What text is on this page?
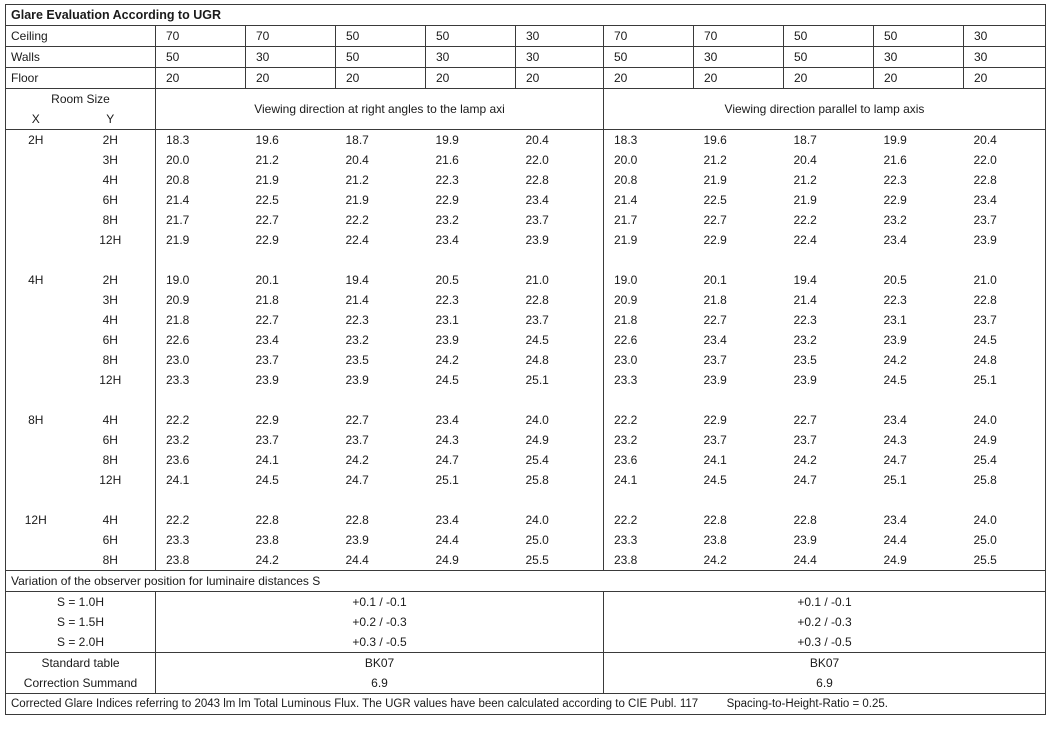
Glare Evaluation According to UGR											
Ceiling		70	70	50	50	30	70	70	50	50	30
Walls		50	30	50	30	30	50	30	50	30	30
Floor		20	20	20	20	20	20	20	20	20	20
Room Size		Viewing direction at right angles to the lamp axi					Viewing direction parallel to lamp axis				
X	Y										
2H	2H	18.3	19.6	18.7	19.9	20.4	18.3	19.6	18.7	19.9	20.4
	3H	20.0	21.2	20.4	21.6	22.0	20.0	21.2	20.4	21.6	22.0
	4H	20.8	21.9	21.2	22.3	22.8	20.8	21.9	21.2	22.3	22.8
	6H	21.4	22.5	21.9	22.9	23.4	21.4	22.5	21.9	22.9	23.4
	8H	21.7	22.7	22.2	23.2	23.7	21.7	22.7	22.2	23.2	23.7
	12H	21.9	22.9	22.4	23.4	23.9	21.9	22.9	22.4	23.4	23.9

4H	2H	19.0	20.1	19.4	20.5	21.0	19.0	20.1	19.4	20.5	21.0
	3H	20.9	21.8	21.4	22.3	22.8	20.9	21.8	21.4	22.3	22.8
	4H	21.8	22.7	22.3	23.1	23.7	21.8	22.7	22.3	23.1	23.7
	6H	22.6	23.4	23.2	23.9	24.5	22.6	23.4	23.2	23.9	24.5
	8H	23.0	23.7	23.5	24.2	24.8	23.0	23.7	23.5	24.2	24.8
	12H	23.3	23.9	23.9	24.5	25.1	23.3	23.9	23.9	24.5	25.1

8H	4H	22.2	22.9	22.7	23.4	24.0	22.2	22.9	22.7	23.4	24.0
	6H	23.2	23.7	23.7	24.3	24.9	23.2	23.7	23.7	24.3	24.9
	8H	23.6	24.1	24.2	24.7	25.4	23.6	24.1	24.2	24.7	25.4
	12H	24.1	24.5	24.7	25.1	25.8	24.1	24.5	24.7	25.1	25.8

12H	4H	22.2	22.8	22.8	23.4	24.0	22.2	22.8	22.8	23.4	24.0
	6H	23.3	23.8	23.9	24.4	25.0	23.3	23.8	23.9	24.4	25.0
	8H	23.8	24.2	24.4	24.9	25.5	23.8	24.2	24.4	24.9	25.5
Variation of the observer position for luminaire distances S											
S = 1.0H		+0.1 / -0.1					+0.1 / -0.1				
S = 1.5H		+0.2 / -0.3					+0.2 / -0.3				
S = 2.0H		+0.3 / -0.5					+0.3 / -0.5				
Standard table		BK07					BK07				
Correction Summand		6.9					6.9				
Corrected Glare Indices referring to 2043 lm lm Total Luminous Flux. The UGR values have been calculated according to CIE Publ. 117 Spacing-to-Height-Ratio = 0.25.											
